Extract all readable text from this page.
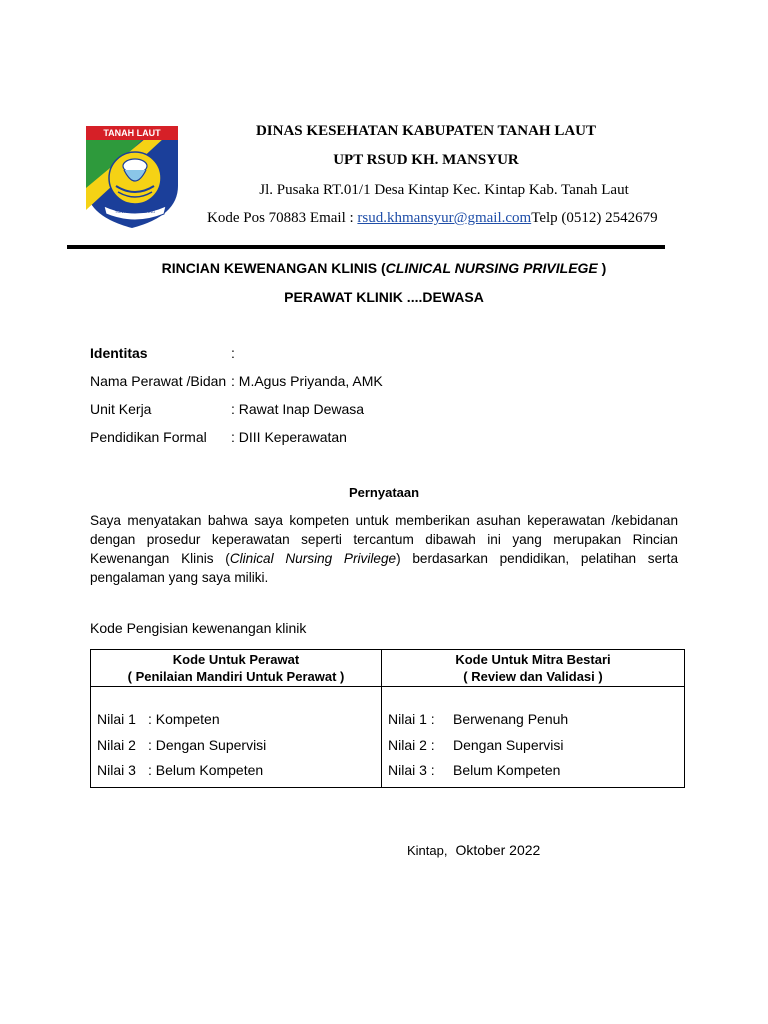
TANAH LAUT
TUNTUNG PANDANG
DINAS KESEHATAN KABUPATEN TANAH LAUT
UPT RSUD KH. MANSYUR
Jl. Pusaka RT.01/1 Desa Kintap Kec. Kintap Kab. Tanah Laut
Kode Pos 70883 Email : rsud.khmansyur@gmail.comTelp (0512) 2542679
RINCIAN KEWENANGAN KLINIS (CLINICAL NURSING PRIVILEGE )
PERAWAT KLINIK ....DEWASA
Identitas	:
Nama Perawat /Bidan : M.Agus Priyanda, AMK
Unit Kerja	: Rawat Inap Dewasa
Pendidikan Formal : DIII Keperawatan
Pernyataan
Saya menyatakan bahwa saya kompeten untuk memberikan asuhan keperawatan /kebidanan dengan prosedur keperawatan seperti tercantum dibawah ini yang merupakan Rincian Kewenangan Klinis (Clinical Nursing Privilege) berdasarkan pendidikan, pelatihan serta pengalaman yang saya miliki.
Kode Pengisian kewenangan klinik
Kode Untuk Perawat
( Penilaian Mandiri Untuk Perawat )
Kode Untuk Mitra Bestari
( Review dan Validasi )
Nilai 1 : Kompeten
Nilai 2 : Dengan Supervisi
Nilai 3 : Belum Kompeten
Nilai 1 : Berwenang Penuh
Nilai 2 : Dengan Supervisi
Nilai 3 : Belum Kompeten
Kintap, Oktober 2022
